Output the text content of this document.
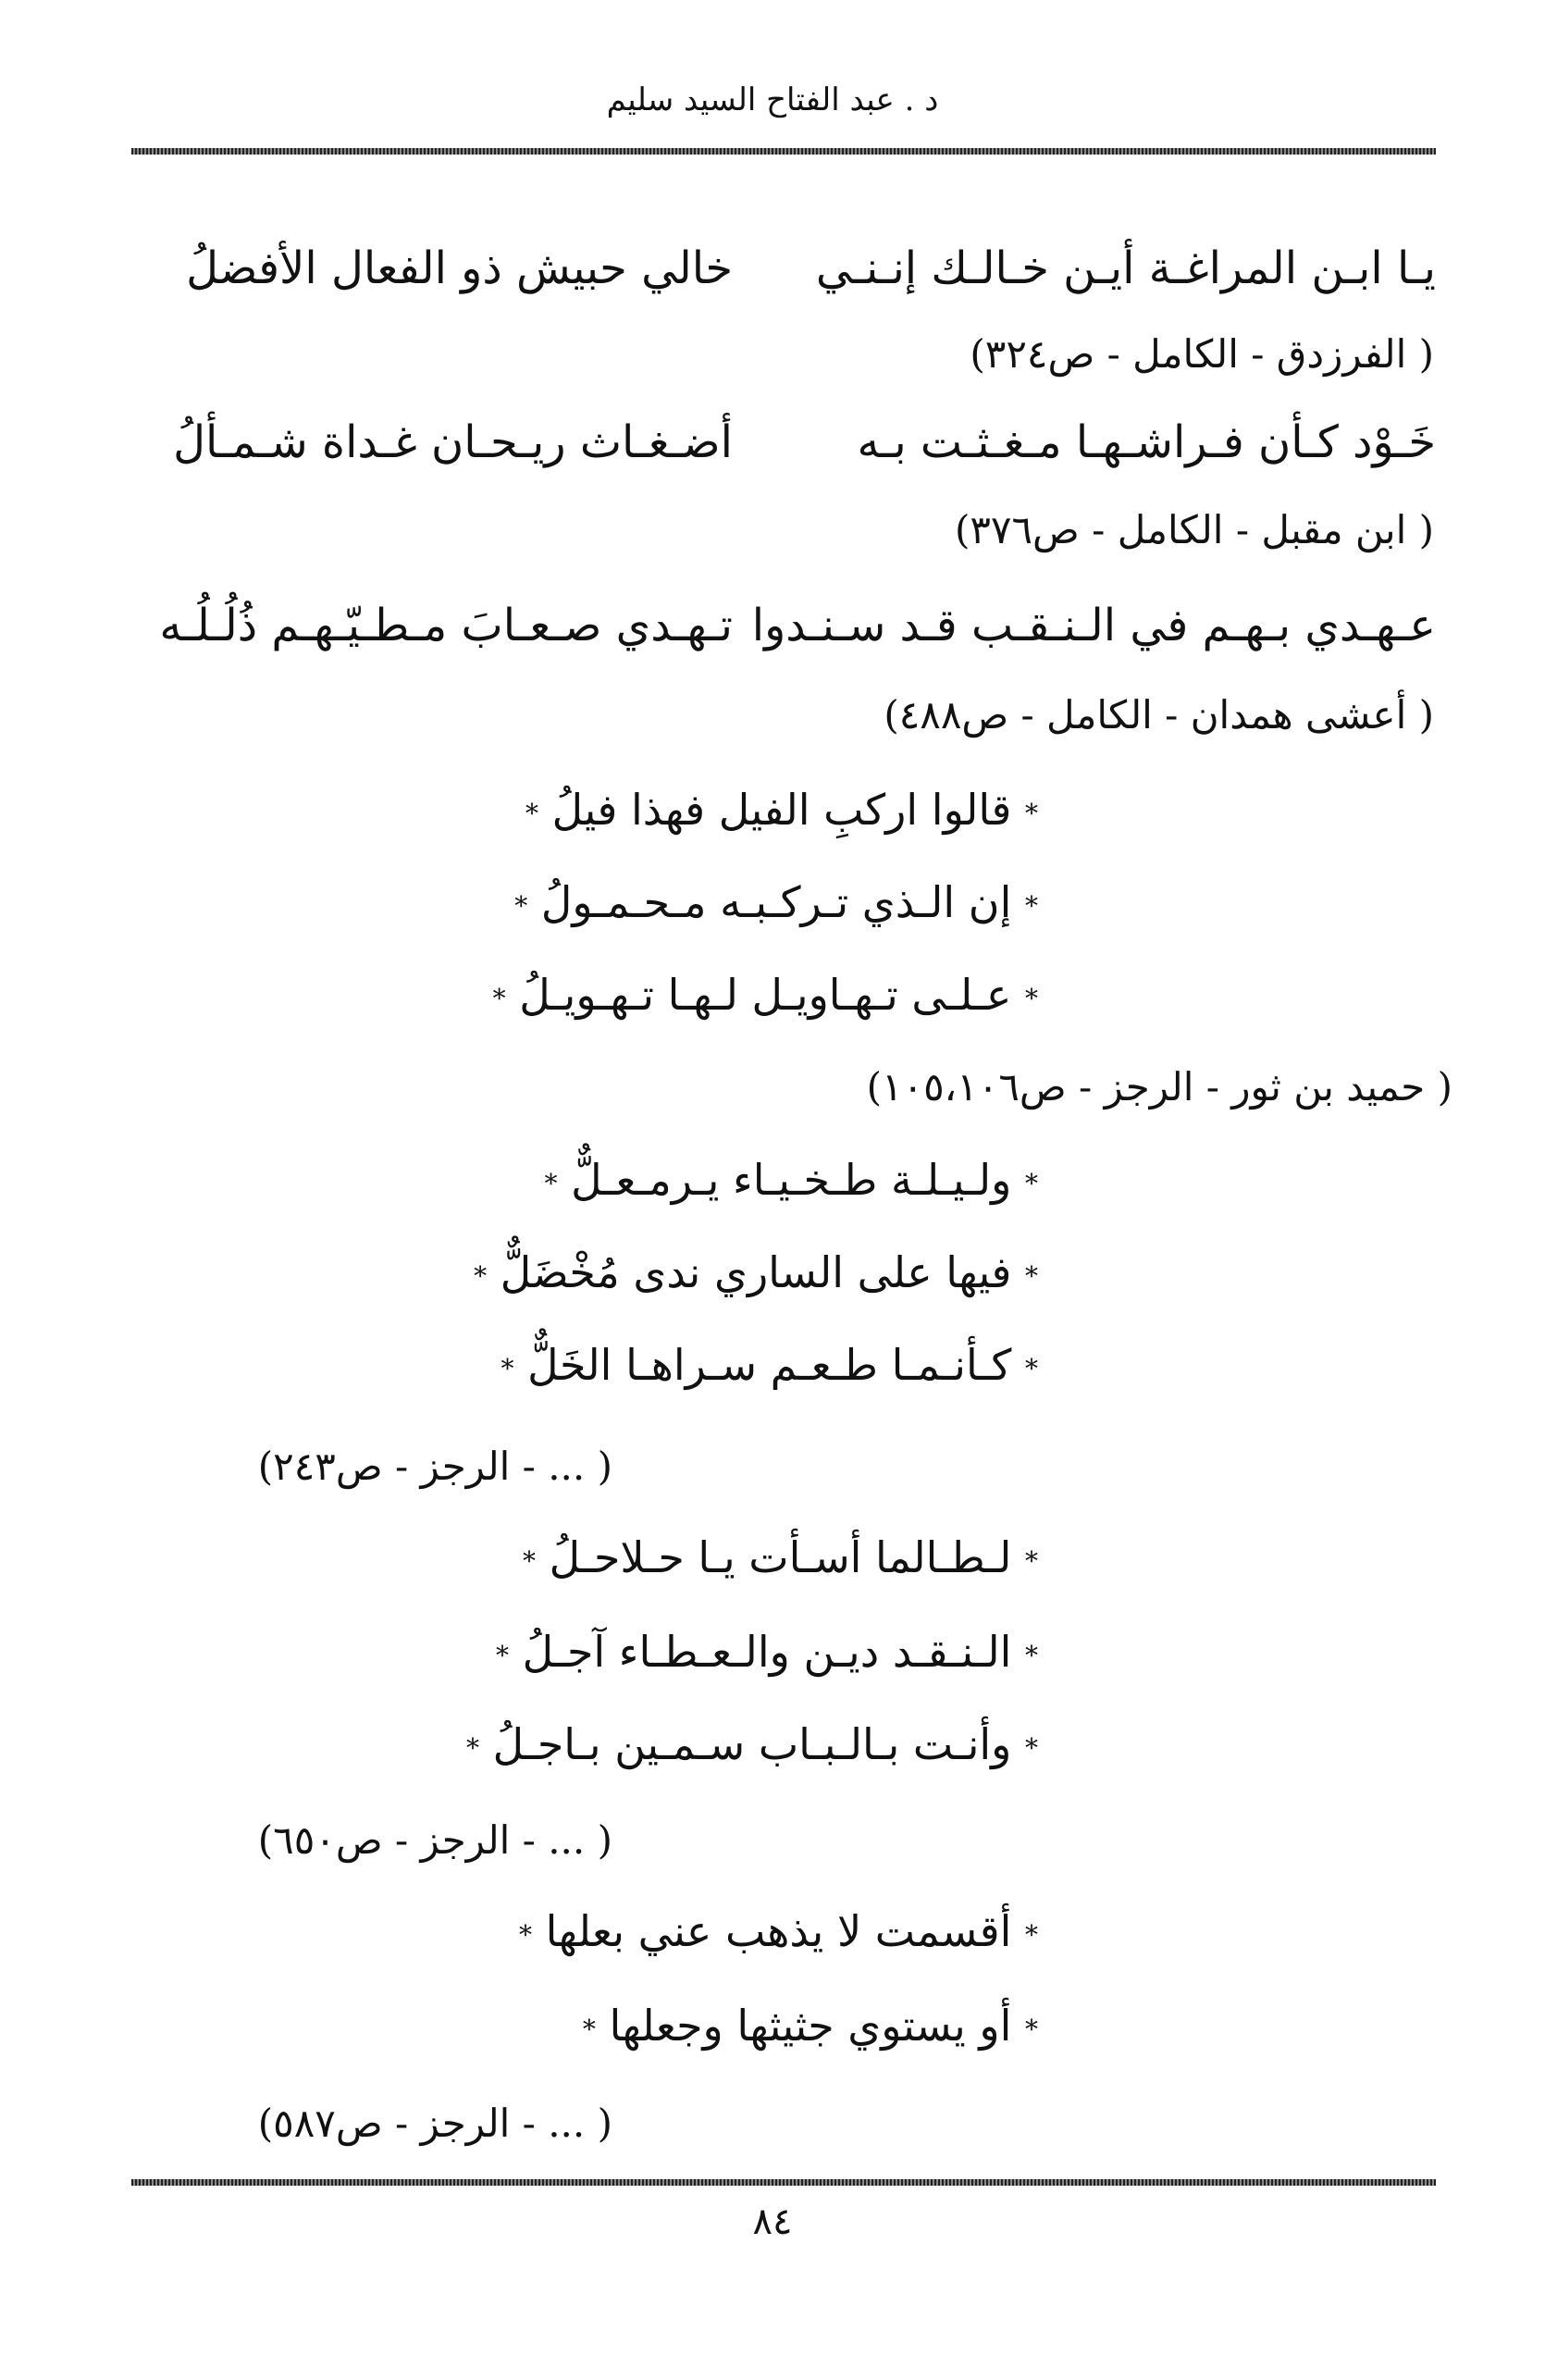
د . عبد الفتاح السيد سليم
يـا ابـن المراغـة أيـن خـالـك إنـنـي
خالي حبيش ذو الفعال الأفضلُ
( الفرزدق - الكامل - ص٣٢٤)
خَـوْد كـأن فـراشـهـا مـغـثـت بـه
أضـغـاث ريـحـان غـداة شـمـألُ
( ابن مقبل - الكامل - ص٣٧٦)
عـهـدي بـهـم في الـنـقـب قـد سـنـدوا
تـهـدي صـعـابَ مـطـيّـهـم ذُلُـلُـه
( أعشى همدان - الكامل - ص٤٨٨)
* قالوا اركبِ الفيل فهذا فيلُ *
* إن الـذي تـركـبـه مـحـمـولُ *
* عـلـى تـهـاويـل لـهـا تـهـويـلُ *
( حميد بن ثور - الرجز - ص١٠٥،١٠٦)
* ولـيـلـة طـخـيـاء يـرمـعـلٌّ *
* فيها على الساري ندى مُخْضَلٌّ *
* كـأنـمـا طـعـم سـراهـا الخَلٌّ *
( ... - الرجز - ص٢٤٣)
* لـطـالما أسـأت يـا حـلاحـلُ *
* الـنـقـد ديـن والـعـطـاء آجـلُ *
* وأنـت بـالـبـاب سـمـين بـاجـلُ *
( ... - الرجز - ص٦٥٠)
* أقسمت لا يذهب عني بعلها *
* أو يستوي جثيثها وجعلها *
( ... - الرجز - ص٥٨٧)
٨٤
